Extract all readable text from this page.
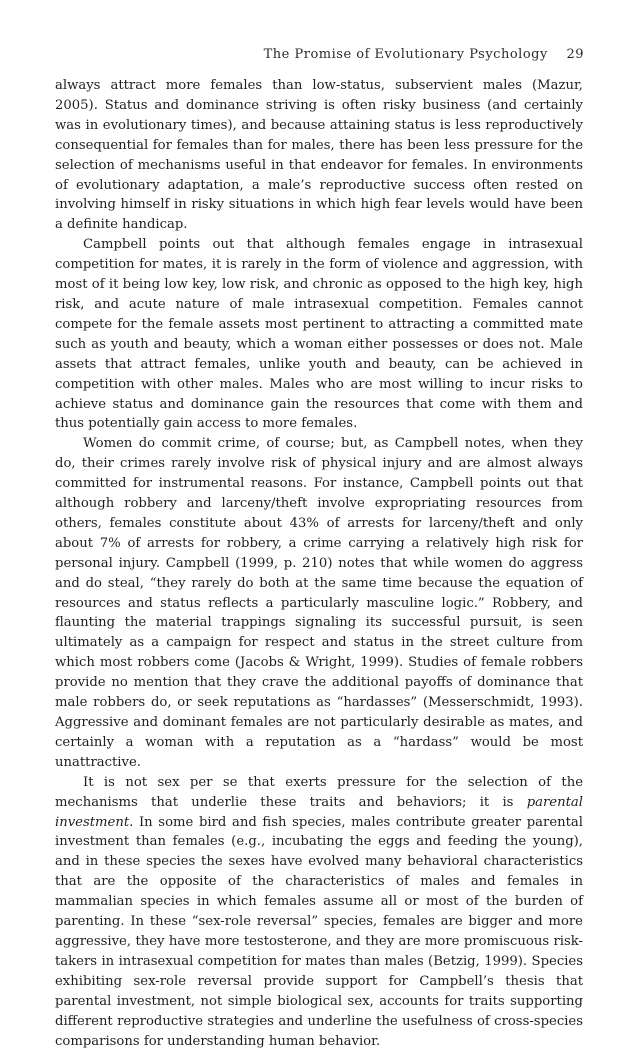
The Promise of Evolutionary Psychology 29

always attract more females than low-status, subservient males (Mazur, 2005). Status and dominance striving is often risky business (and certainly was in evolutionary times), and because attaining status is less reproductively consequential for females than for males, there has been less pressure for the selection of mechanisms useful in that endeavor for females. In environments of evolutionary adaptation, a male’s reproductive success often rested on involving himself in risky situations in which high fear levels would have been a definite handicap.

Campbell points out that although females engage in intrasexual competition for mates, it is rarely in the form of violence and aggression, with most of it being low key, low risk, and chronic as opposed to the high key, high risk, and acute nature of male intrasexual competition. Females cannot compete for the female assets most pertinent to attracting a committed mate such as youth and beauty, which a woman either possesses or does not. Male assets that attract females, unlike youth and beauty, can be achieved in competition with other males. Males who are most willing to incur risks to achieve status and dominance gain the resources that come with them and thus potentially gain access to more females.

Women do commit crime, of course; but, as Campbell notes, when they do, their crimes rarely involve risk of physical injury and are almost always committed for instrumental reasons. For instance, Campbell points out that although robbery and larceny/theft involve expropriating resources from others, females constitute about 43% of arrests for larceny/theft and only about 7% of arrests for robbery, a crime carrying a relatively high risk for personal injury. Campbell (1999, p. 210) notes that while women do aggress and do steal, “they rarely do both at the same time because the equation of resources and status reflects a particularly masculine logic.” Robbery, and flaunting the material trappings signaling its successful pursuit, is seen ultimately as a campaign for respect and status in the street culture from which most robbers come (Jacobs & Wright, 1999). Studies of female robbers provide no mention that they crave the additional payoffs of dominance that male robbers do, or seek reputations as “hardasses” (Messerschmidt, 1993). Aggressive and dominant females are not particularly desirable as mates, and certainly a woman with a reputation as a “hardass” would be most unattractive.

It is not sex per se that exerts pressure for the selection of the mechanisms that underlie these traits and behaviors; it is parental investment. In some bird and fish species, males contribute greater parental investment than females (e.g., incubating the eggs and feeding the young), and in these species the sexes have evolved many behavioral characteristics that are the opposite of the characteristics of males and females in mammalian species in which females assume all or most of the burden of parenting. In these “sex-role reversal” species, females are bigger and more aggressive, they have more testosterone, and they are more promiscuous risk-takers in intrasexual competition for mates than males (Betzig, 1999). Species exhibiting sex-role reversal provide support for Campbell’s thesis that parental investment, not simple biological sex, accounts for traits supporting different reproductive strategies and underline the usefulness of cross-species comparisons for understanding human behavior.
